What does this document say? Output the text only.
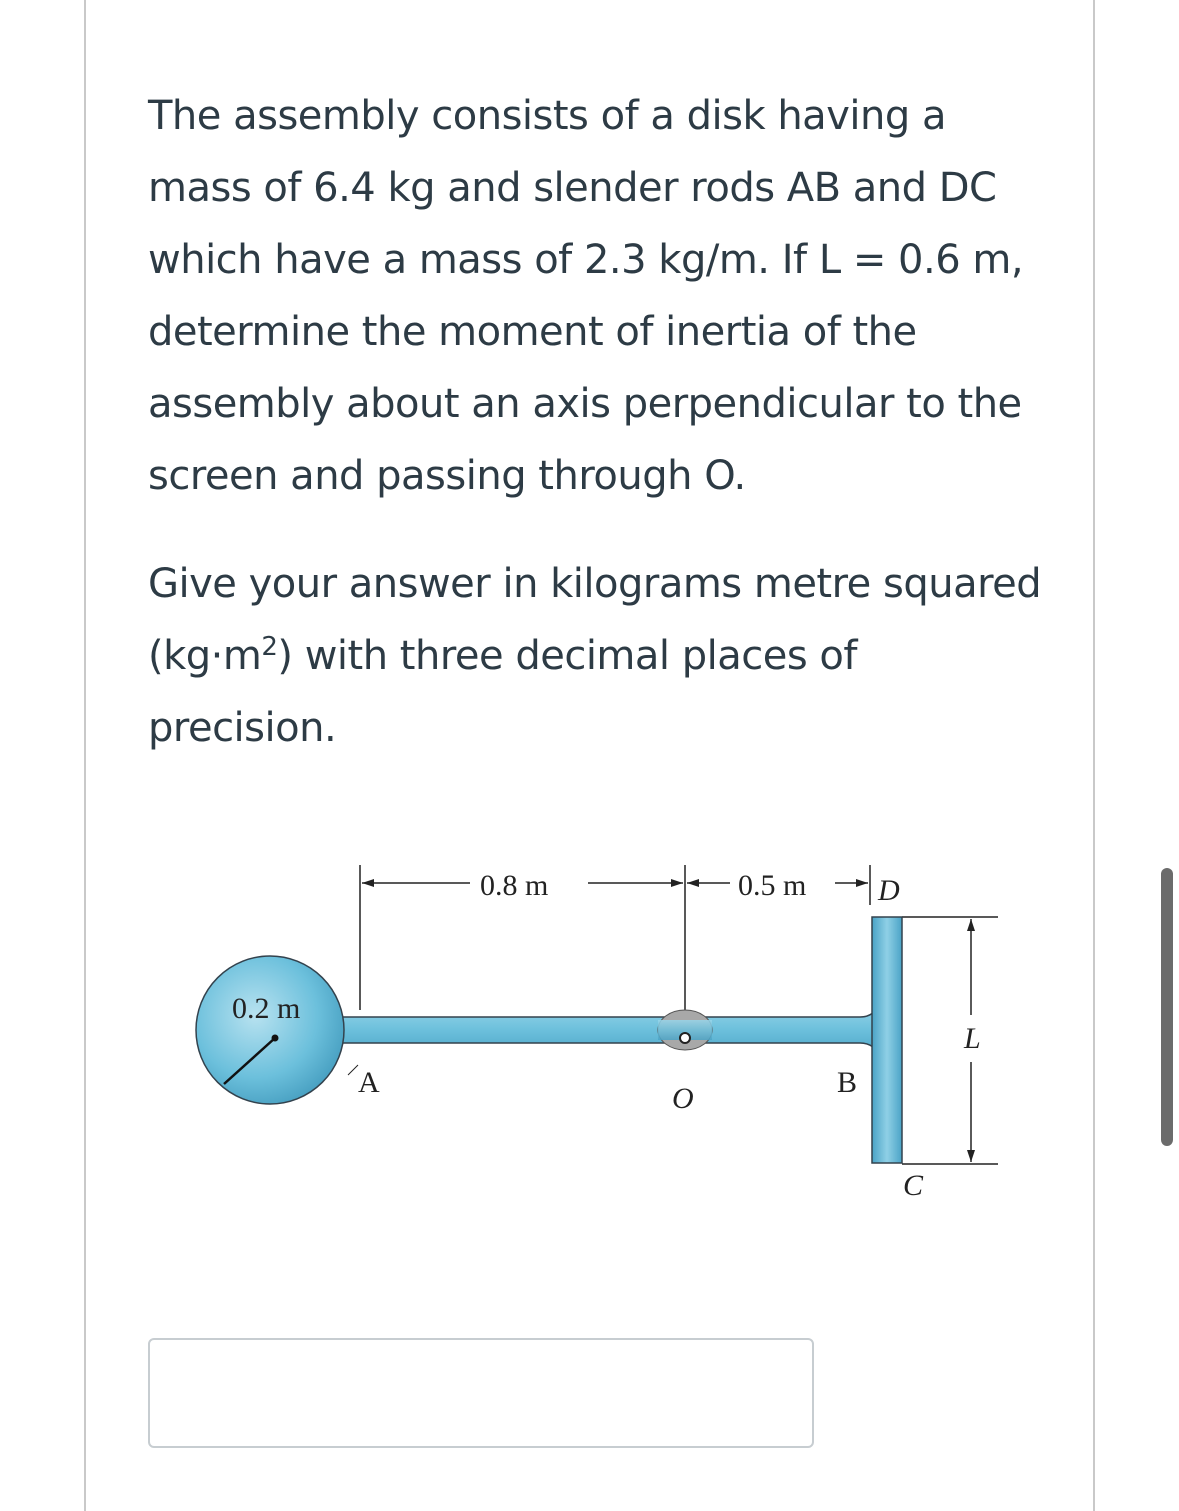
The assembly consists of a disk having a mass of 6.4 kg and slender rods AB and DC which have a mass of 2.3 kg/m. If L = 0.6 m, determine the moment of inertia of the assembly about an axis perpendicular to the screen and passing through O.

Give your answer in kilograms metre squared $(kg\cdot m^2)$ with three decimal places of precision.

0.8 m	0.5 m D
0.2 m
A	O	B
L
C
